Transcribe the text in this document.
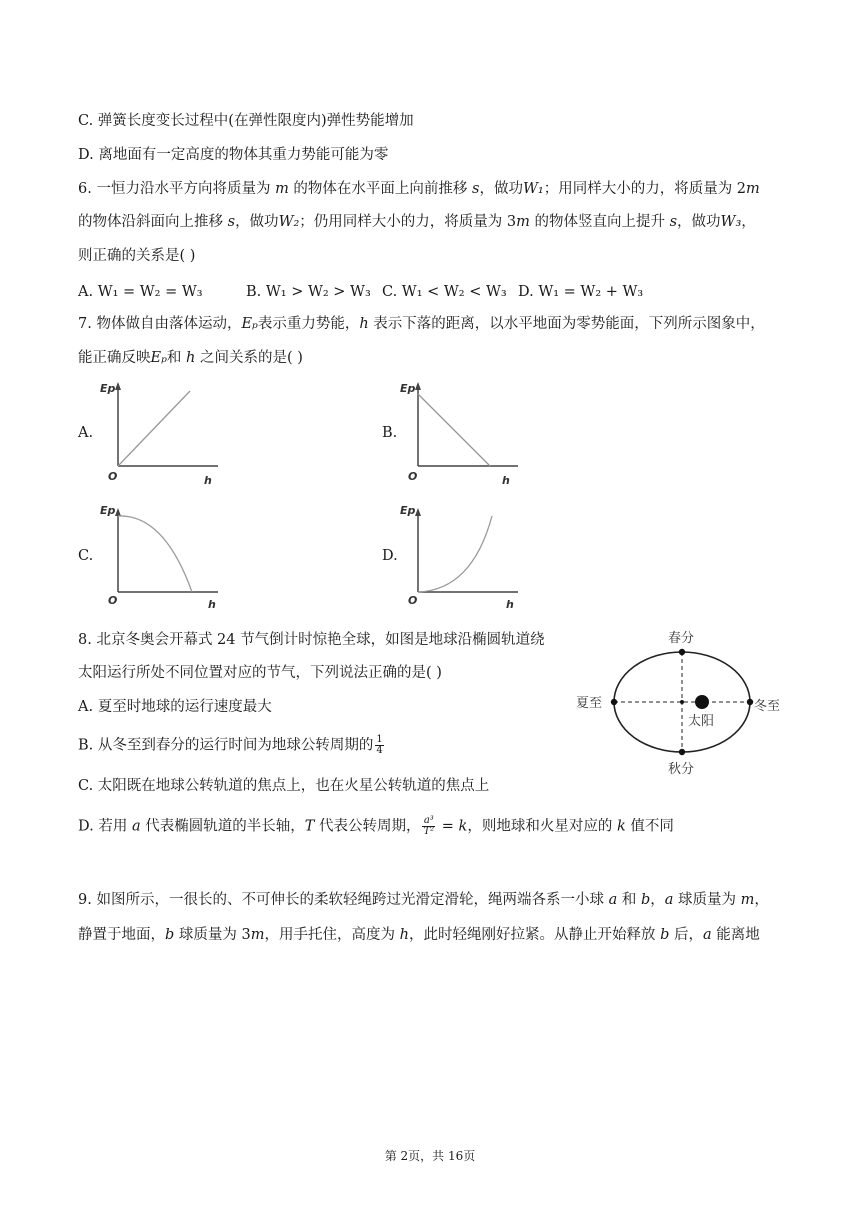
C. 弹簧长度变长过程中(在弹性限度内)弹性势能增加
D. 离地面有一定高度的物体其重力势能可能为零
6. 一恒力沿水平方向将质量为 m 的物体在水平面上向前推移 s，做功W₁；用同样大小的力，将质量为 2m
的物体沿斜面向上推移 s，做功W₂；仍用同样大小的力，将质量为 3m 的物体竖直向上提升 s，做功W₃，
则正确的关系是( )
A. W₁ = W₂ = W₃	B. W₁ > W₂ > W₃ C. W₁ < W₂ < W₃ D. W₁ = W₂ + W₃
7. 物体做自由落体运动，Eₚ表示重力势能，h 表示下落的距离，以水平地面为零势能面，下列所示图象中，
能正确反映Eₚ和 h 之间关系的是( )
A.	B.
C.	D.
Ep
O	h
Ep
O	h
Ep
O	h
Ep
O	h
8. 北京冬奥会开幕式 24 节气倒计时惊艳全球，如图是地球沿椭圆轨道绕
太阳运行所处不同位置对应的节气，下列说法正确的是( )
A. 夏至时地球的运行速度最大
B. 从冬至到春分的运行时间为地球公转周期的 $\frac{1}{4}$
C. 太阳既在地球公转轨道的焦点上，也在火星公转轨道的焦点上
D. 若用 a 代表椭圆轨道的半长轴，T 代表公转周期， $\frac{\text{a³}}{\text{T²}} = k$，则地球和火星对应的 k 值不同
春分
秋分
夏至	冬至
太阳
9. 如图所示，一很长的、不可伸长的柔软轻绳跨过光滑定滑轮，绳两端各系一小球 a 和 b，a 球质量为 m，
静置于地面，b 球质量为 3m，用手托住，高度为 h，此时轻绳刚好拉紧。从静止开始释放 b 后，a 能离地
第 2页，共 16页
